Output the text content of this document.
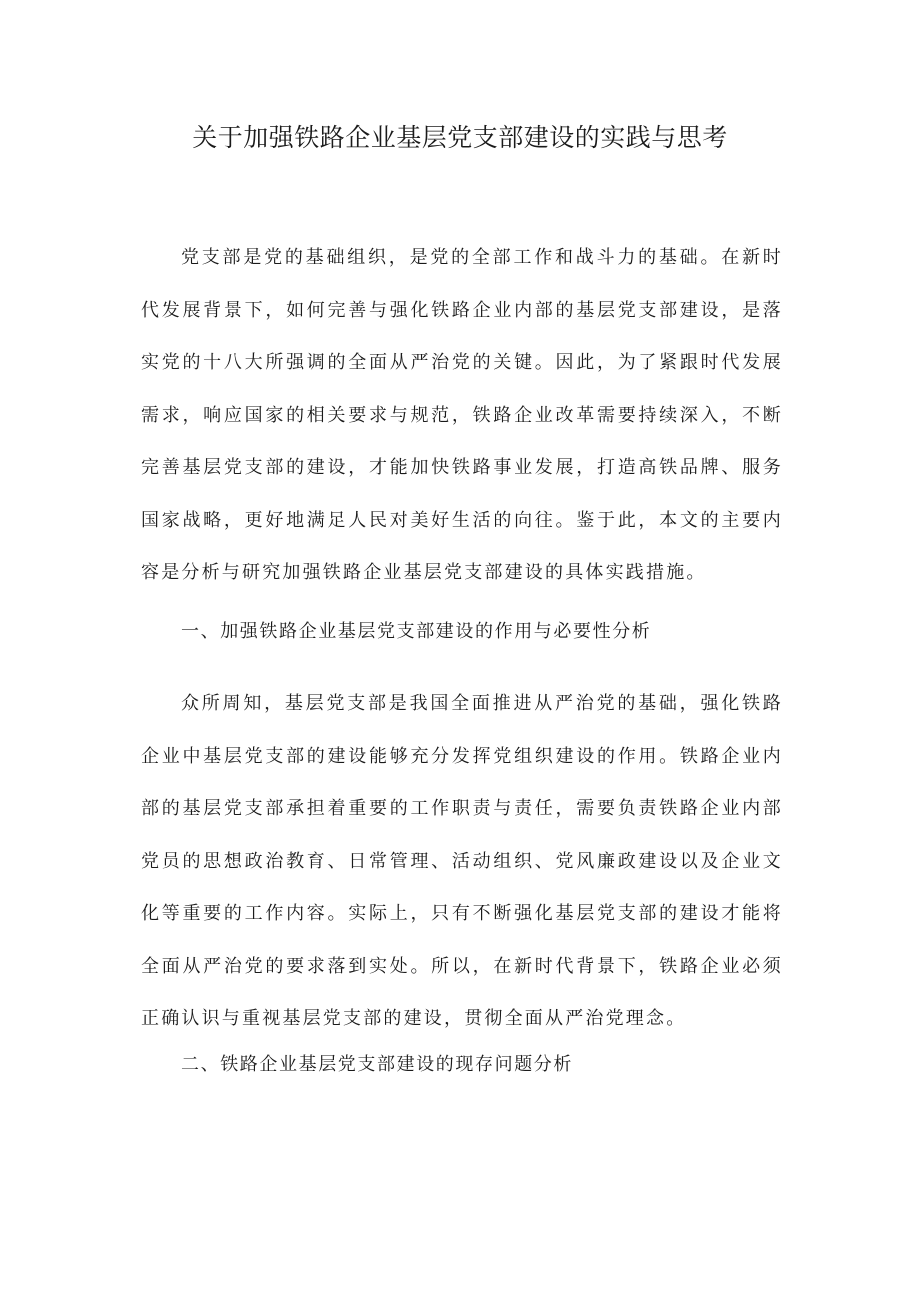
关于加强铁路企业基层党支部建设的实践与思考

党支部是党的基础组织，是党的全部工作和战斗力的基础。在新时代发展背景下，如何完善与强化铁路企业内部的基层党支部建设，是落实党的十八大所强调的全面从严治党的关键。因此，为了紧跟时代发展需求，响应国家的相关要求与规范，铁路企业改革需要持续深入，不断完善基层党支部的建设，才能加快铁路事业发展，打造高铁品牌、服务国家战略，更好地满足人民对美好生活的向往。鉴于此，本文的主要内容是分析与研究加强铁路企业基层党支部建设的具体实践措施。

一、加强铁路企业基层党支部建设的作用与必要性分析

众所周知，基层党支部是我国全面推进从严治党的基础，强化铁路企业中基层党支部的建设能够充分发挥党组织建设的作用。铁路企业内部的基层党支部承担着重要的工作职责与责任，需要负责铁路企业内部党员的思想政治教育、日常管理、活动组织、党风廉政建设以及企业文化等重要的工作内容。实际上，只有不断强化基层党支部的建设才能将全面从严治党的要求落到实处。所以，在新时代背景下，铁路企业必须正确认识与重视基层党支部的建设，贯彻全面从严治党理念。

二、铁路企业基层党支部建设的现存问题分析
